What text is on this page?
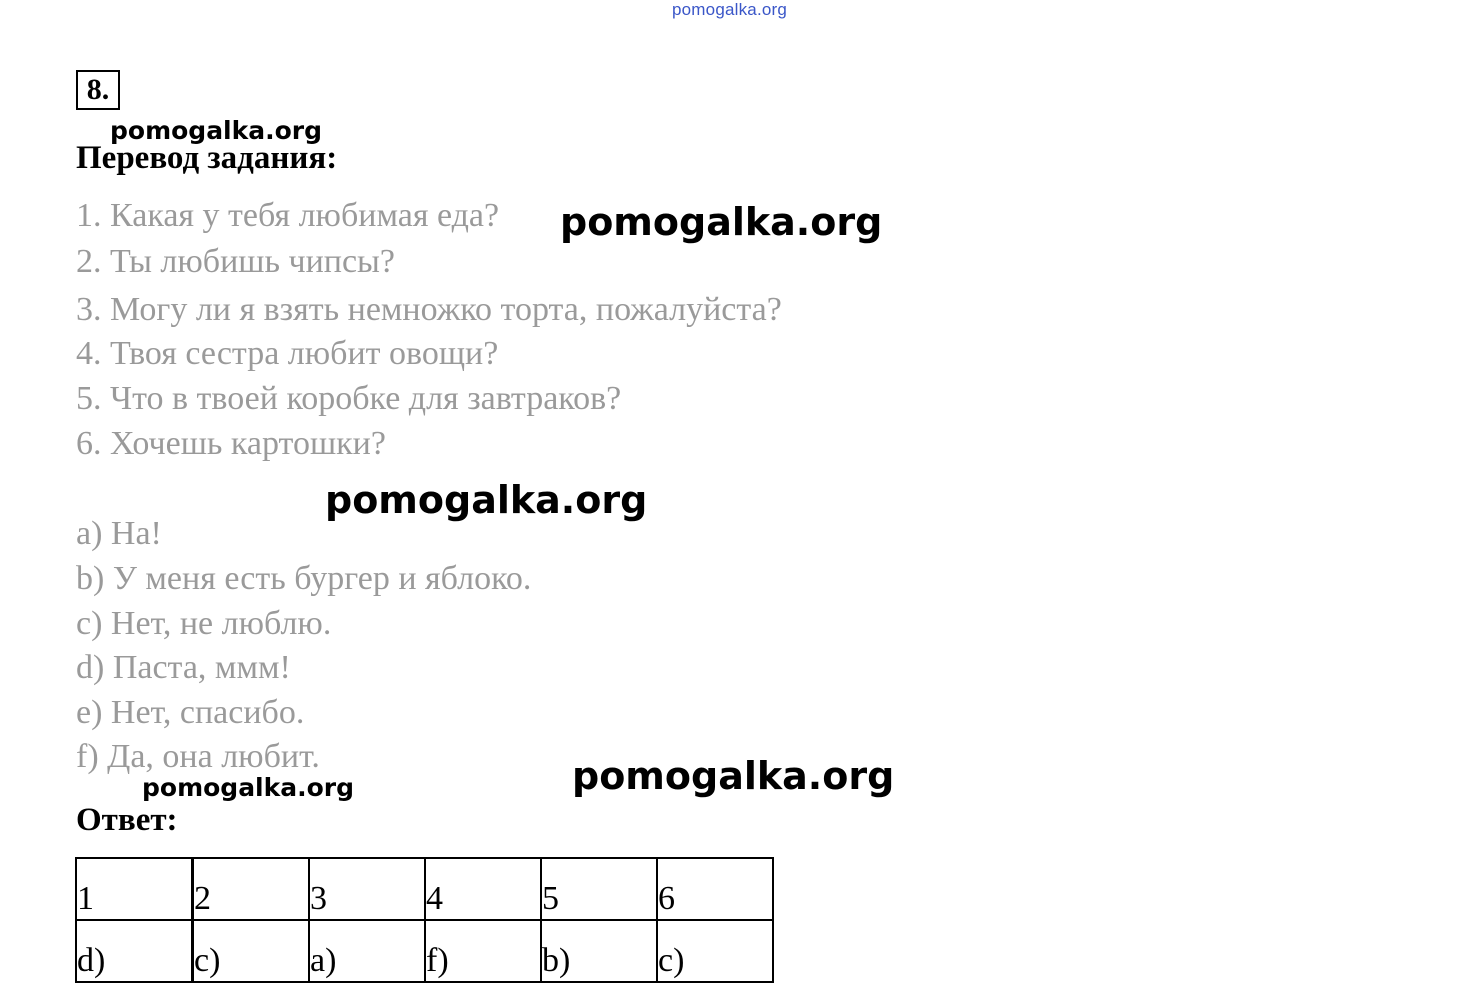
pomogalka.org
8.
pomogalka.org
Перевод задания:
1. Какая у тебя любимая еда?
2. Ты любишь чипсы?
3. Могу ли я взять немножко торта, пожалуйста?
4. Твоя сестра любит овощи?
5. Что в твоей коробке для завтраков?
6. Хочешь картошки?
pomogalka.org
pomogalka.org
a) На!
b) У меня есть бургер и яблоко.
c) Нет, не люблю.
d) Паста, ммм!
e) Нет, спасибо.
f) Да, она любит.	pomogalka.org
pomogalka.org
Ответ:
1	2	3	4	5	6
d)	c)	a)	f)	b)	c)
